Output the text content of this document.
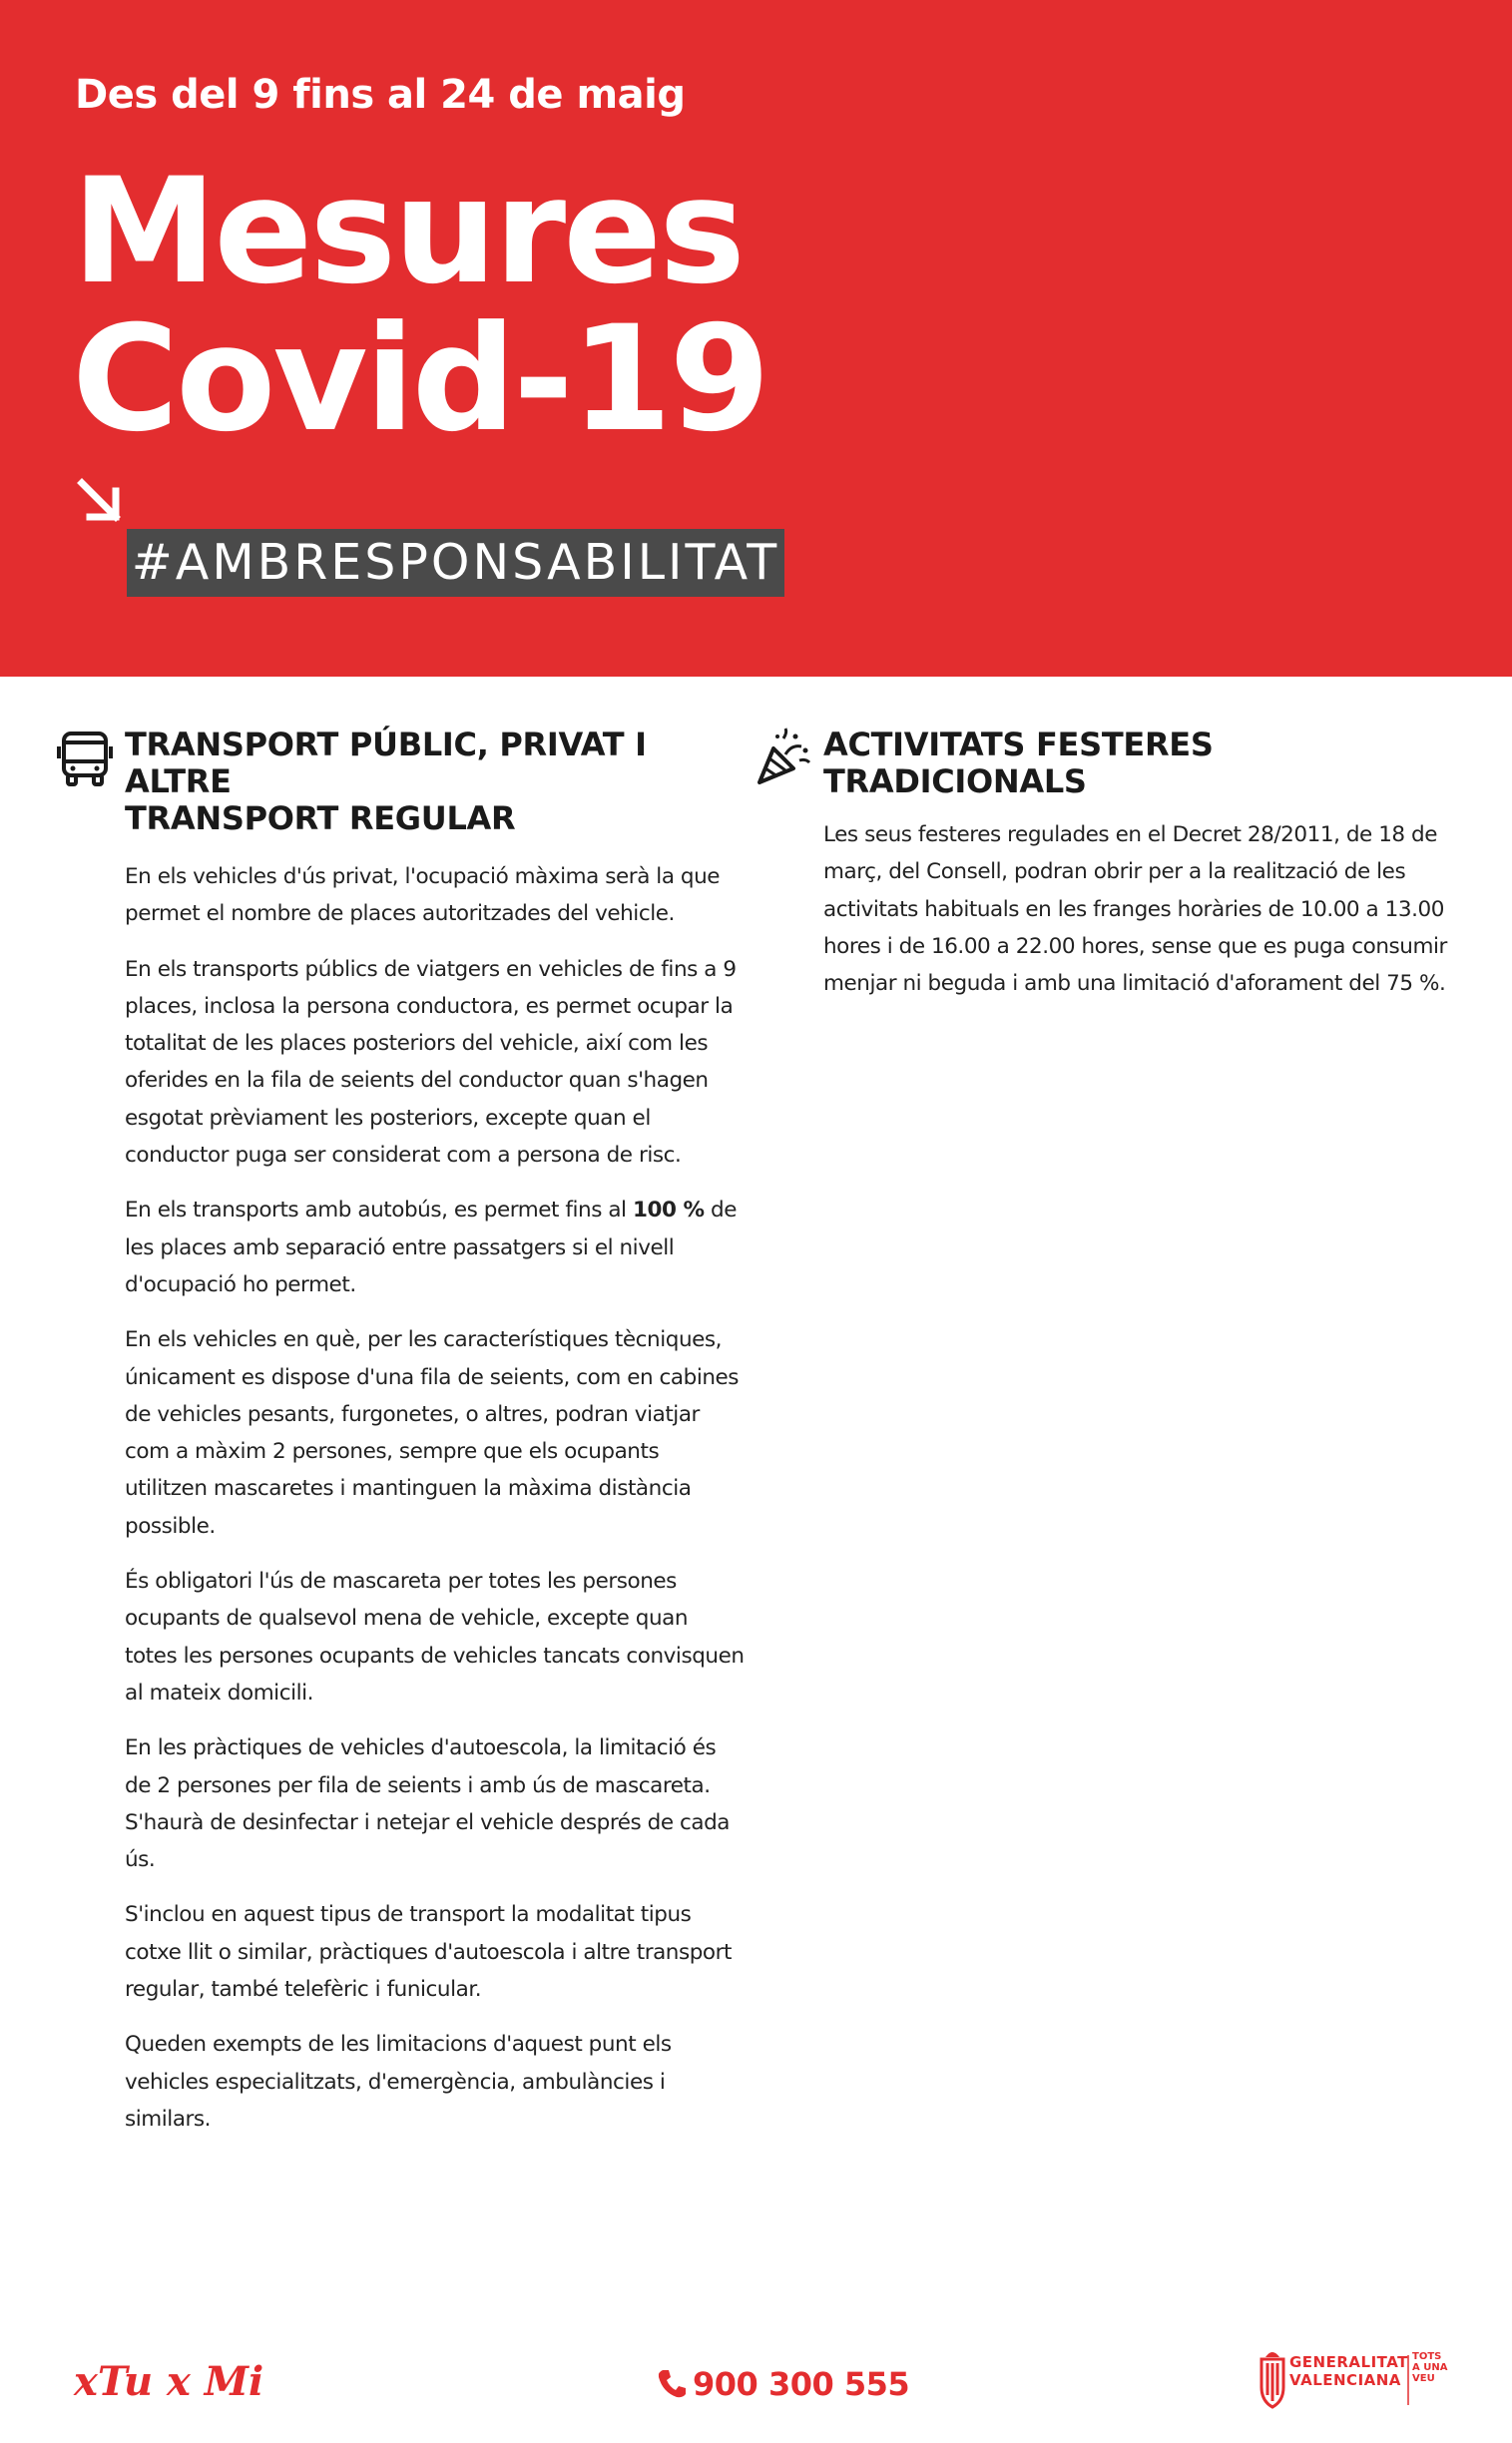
Des del 9 fins al 24 de maig
Mesures
Covid-19
#AMBRESPONSABILITAT
TRANSPORT PÚBLIC, PRIVAT I ALTRE
TRANSPORT REGULAR

En els vehicles d'ús privat, l'ocupació màxima serà la que permet el nombre de places autoritzades del vehicle.

En els transports públics de viatgers en vehicles de fins a 9 places, inclosa la persona conductora, es permet ocupar la totalitat de les places posteriors del vehicle, així com les oferides en la fila de seients del conductor quan s'hagen esgotat prèviament les posteriors, excepte quan el conductor puga ser considerat com a persona de risc.

En els transports amb autobús, es permet fins al 100 % de les places amb separació entre passatgers si el nivell d'ocupació ho permet.

En els vehicles en què, per les característiques tècniques, únicament es dispose d'una fila de seients, com en cabines de vehicles pesants, furgonetes, o altres, podran viatjar com a màxim 2 persones, sempre que els ocupants utilitzen mascaretes i mantinguen la màxima distància possible.

És obligatori l'ús de mascareta per totes les persones ocupants de qualsevol mena de vehicle, excepte quan totes les persones ocupants de vehicles tancats convisquen al mateix domicili.

En les pràctiques de vehicles d'autoescola, la limitació és de 2 persones per fila de seients i amb ús de mascareta. S'haurà de desinfectar i netejar el vehicle després de cada ús.

S'inclou en aquest tipus de transport la modalitat tipus cotxe llit o similar, pràctiques d'autoescola i altre transport regular, també telefèric i funicular.

Queden exempts de les limitacions d'aquest punt els vehicles especialitzats, d'emergència, ambulàncies i similars.

ACTIVITATS FESTERES TRADICIONALS

Les seus festeres regulades en el Decret 28/2011, de 18 de març, del Consell, podran obrir per a la realització de les activitats habituals en les franges horàries de 10.00 a 13.00 hores i de 16.00 a 22.00 hores, sense que es puga consumir menjar ni beguda i amb una limitació d'aforament del 75 %.

xTu x Mi	900 300 555
GENERALITAT
VALENCIANA
TOTS A UNA VEU
